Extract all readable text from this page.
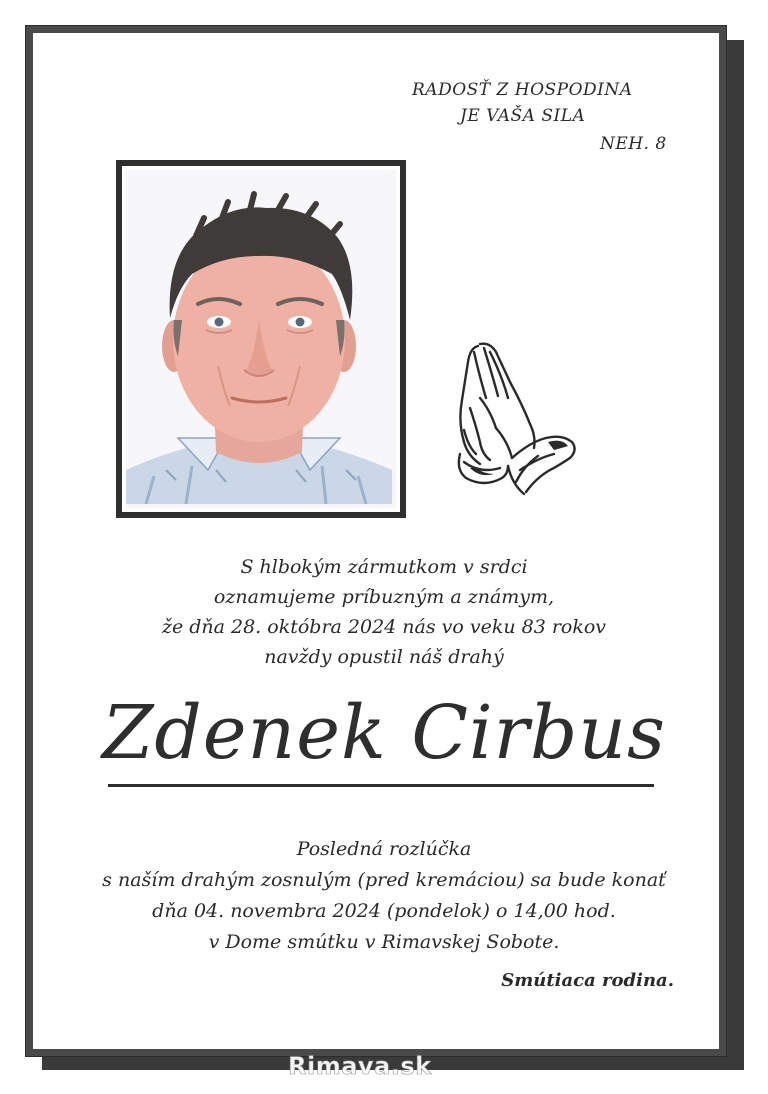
RADOSŤ Z HOSPODINA
JE VAŠA SILA
NEH. 8
S hlbokým zármutkom v srdci
oznamujeme príbuzným a známym,
že dňa 28. októbra 2024 nás vo veku 83 rokov
navždy opustil náš drahý
Zdenek Cirbus
Posledná rozlúčka
s naším drahým zosnulým (pred kremáciou) sa bude konať
dňa 04. novembra 2024 (pondelok) o 14,00 hod.
v Dome smútku v Rimavskej Sobote.
Smútiaca rodina.
Rimava.sk
